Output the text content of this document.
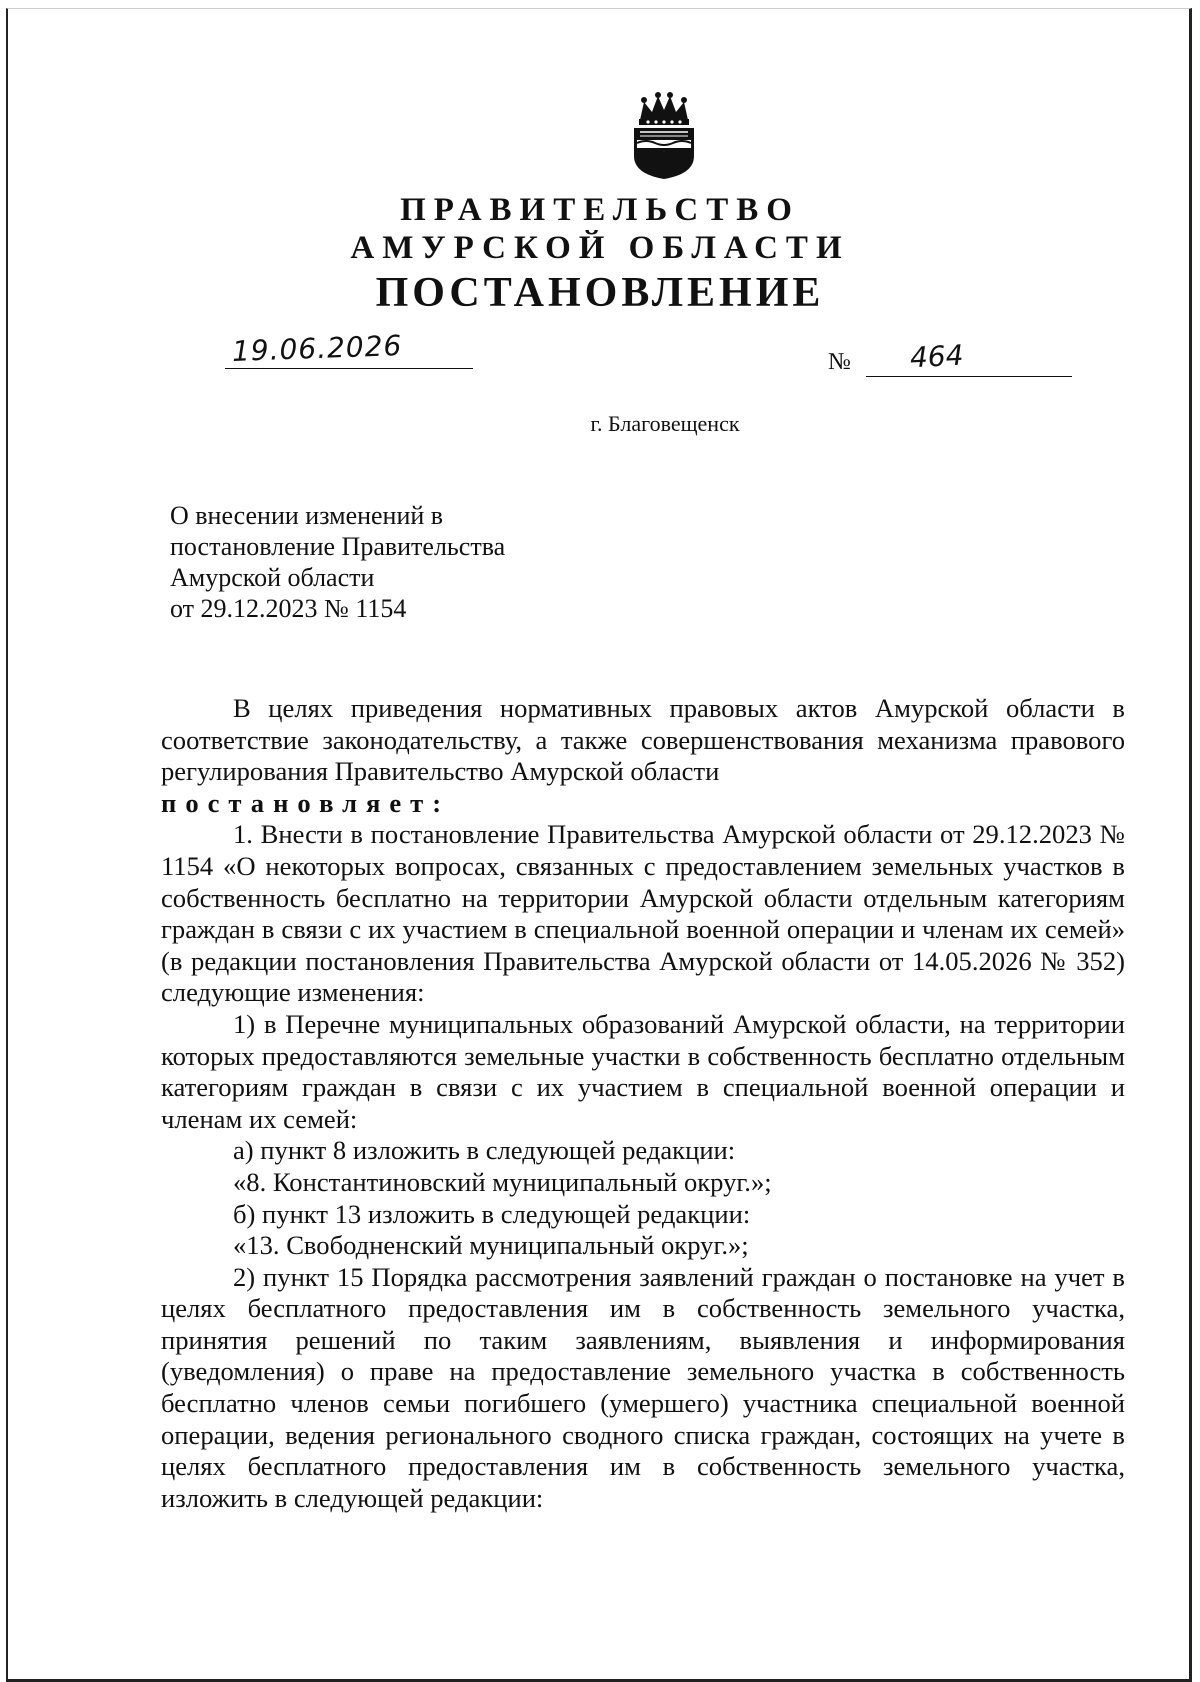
ПРАВИТЕЛЬСТВО
АМУРСКОЙ ОБЛАСТИ
ПОСТАНОВЛЕНИЕ
19.06.2026	№ 464
г. Благовещенск
О внесении изменений в
постановление Правительства
Амурской области
от 29.12.2023 № 1154

В целях приведения нормативных правовых актов Амурской области в соответствие законодательству, а также совершенствования механизма правового регулирования Правительство Амурской области

постановляет:

1. Внести в постановление Правительства Амурской области от 29.12.2023 № 1154 «О некоторых вопросах, связанных с предоставлением земельных участков в собственность бесплатно на территории Амурской области отдельным категориям граждан в связи с их участием в специальной военной операции и членам их семей» (в редакции постановления Правительства Амурской области от 14.05.2026 № 352) следующие изменения:

1) в Перечне муниципальных образований Амурской области, на территории которых предоставляются земельные участки в собственность бесплатно отдельным категориям граждан в связи с их участием в специальной военной операции и членам их семей:

а) пункт 8 изложить в следующей редакции:

«8. Константиновский муниципальный округ.»;

б) пункт 13 изложить в следующей редакции:

«13. Свободненский муниципальный округ.»;

2) пункт 15 Порядка рассмотрения заявлений граждан о постановке на учет в целях бесплатного предоставления им в собственность земельного участка, принятия решений по таким заявлениям, выявления и информирования (уведомления) о праве на предоставление земельного участка в собственность бесплатно членов семьи погибшего (умершего) участника специальной военной операции, ведения регионального сводного списка граждан, состоящих на учете в целях бесплатного предоставления им в собственность земельного участка, изложить в следующей редакции:
